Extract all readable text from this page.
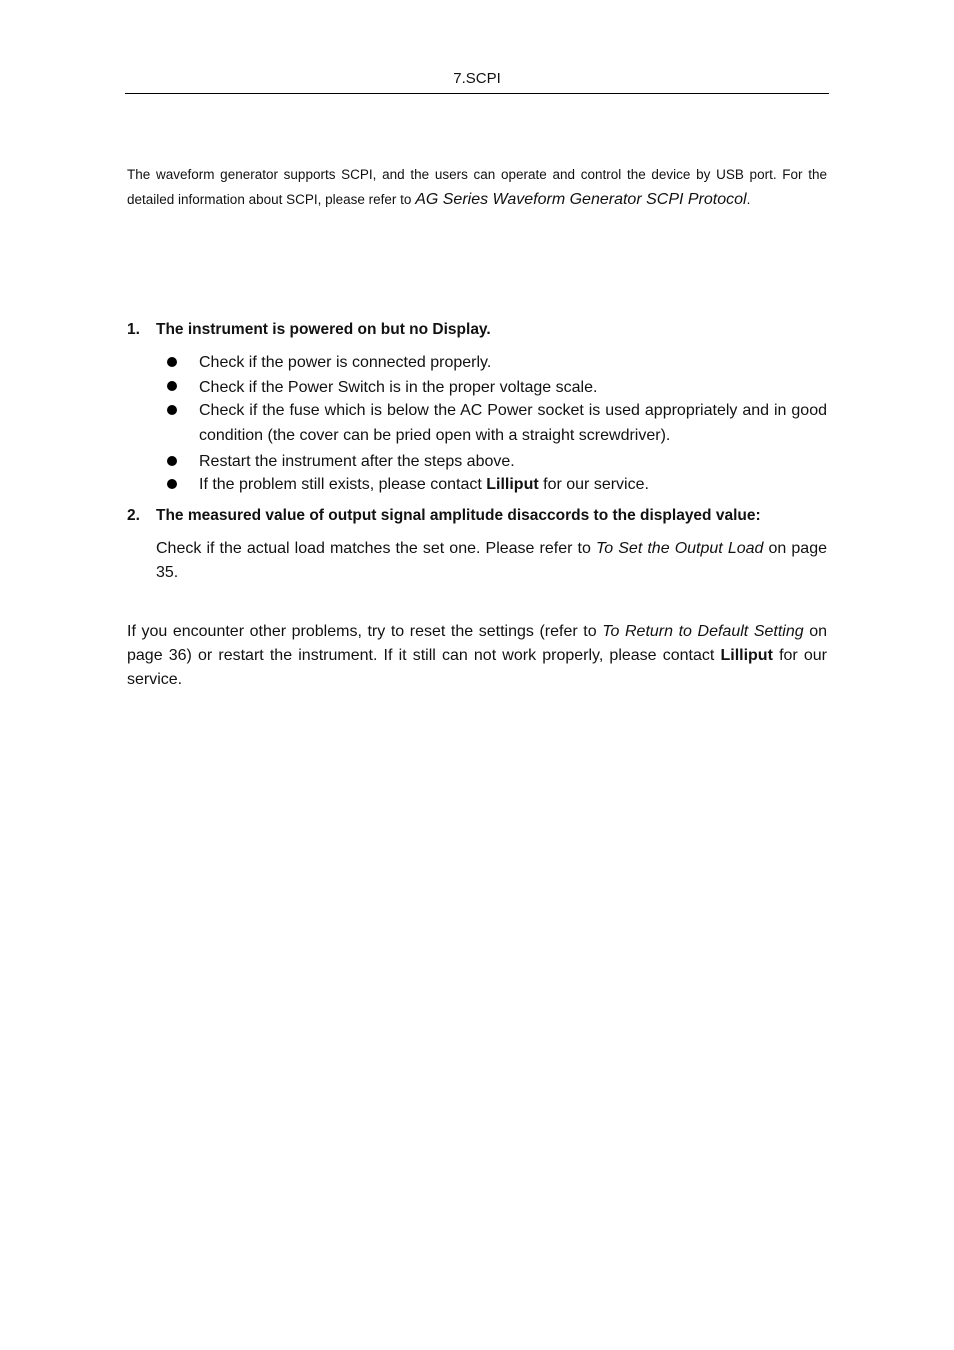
7.SCPI
The waveform generator supports SCPI, and the users can operate and control the device by USB port. For the detailed information about SCPI, please refer to AG Series Waveform Generator SCPI Protocol.
1. The instrument is powered on but no Display.
Check if the power is connected properly.
Check if the Power Switch is in the proper voltage scale.
Check if the fuse which is below the AC Power socket is used appropriately and in good condition (the cover can be pried open with a straight screwdriver).
Restart the instrument after the steps above.
If the problem still exists, please contact Lilliput for our service.
2. The measured value of output signal amplitude disaccords to the displayed value:
Check if the actual load matches the set one. Please refer to To Set the Output Load on page 35.
If you encounter other problems, try to reset the settings (refer to To Return to Default Setting on page 36) or restart the instrument. If it still can not work properly, please contact Lilliput for our service.
